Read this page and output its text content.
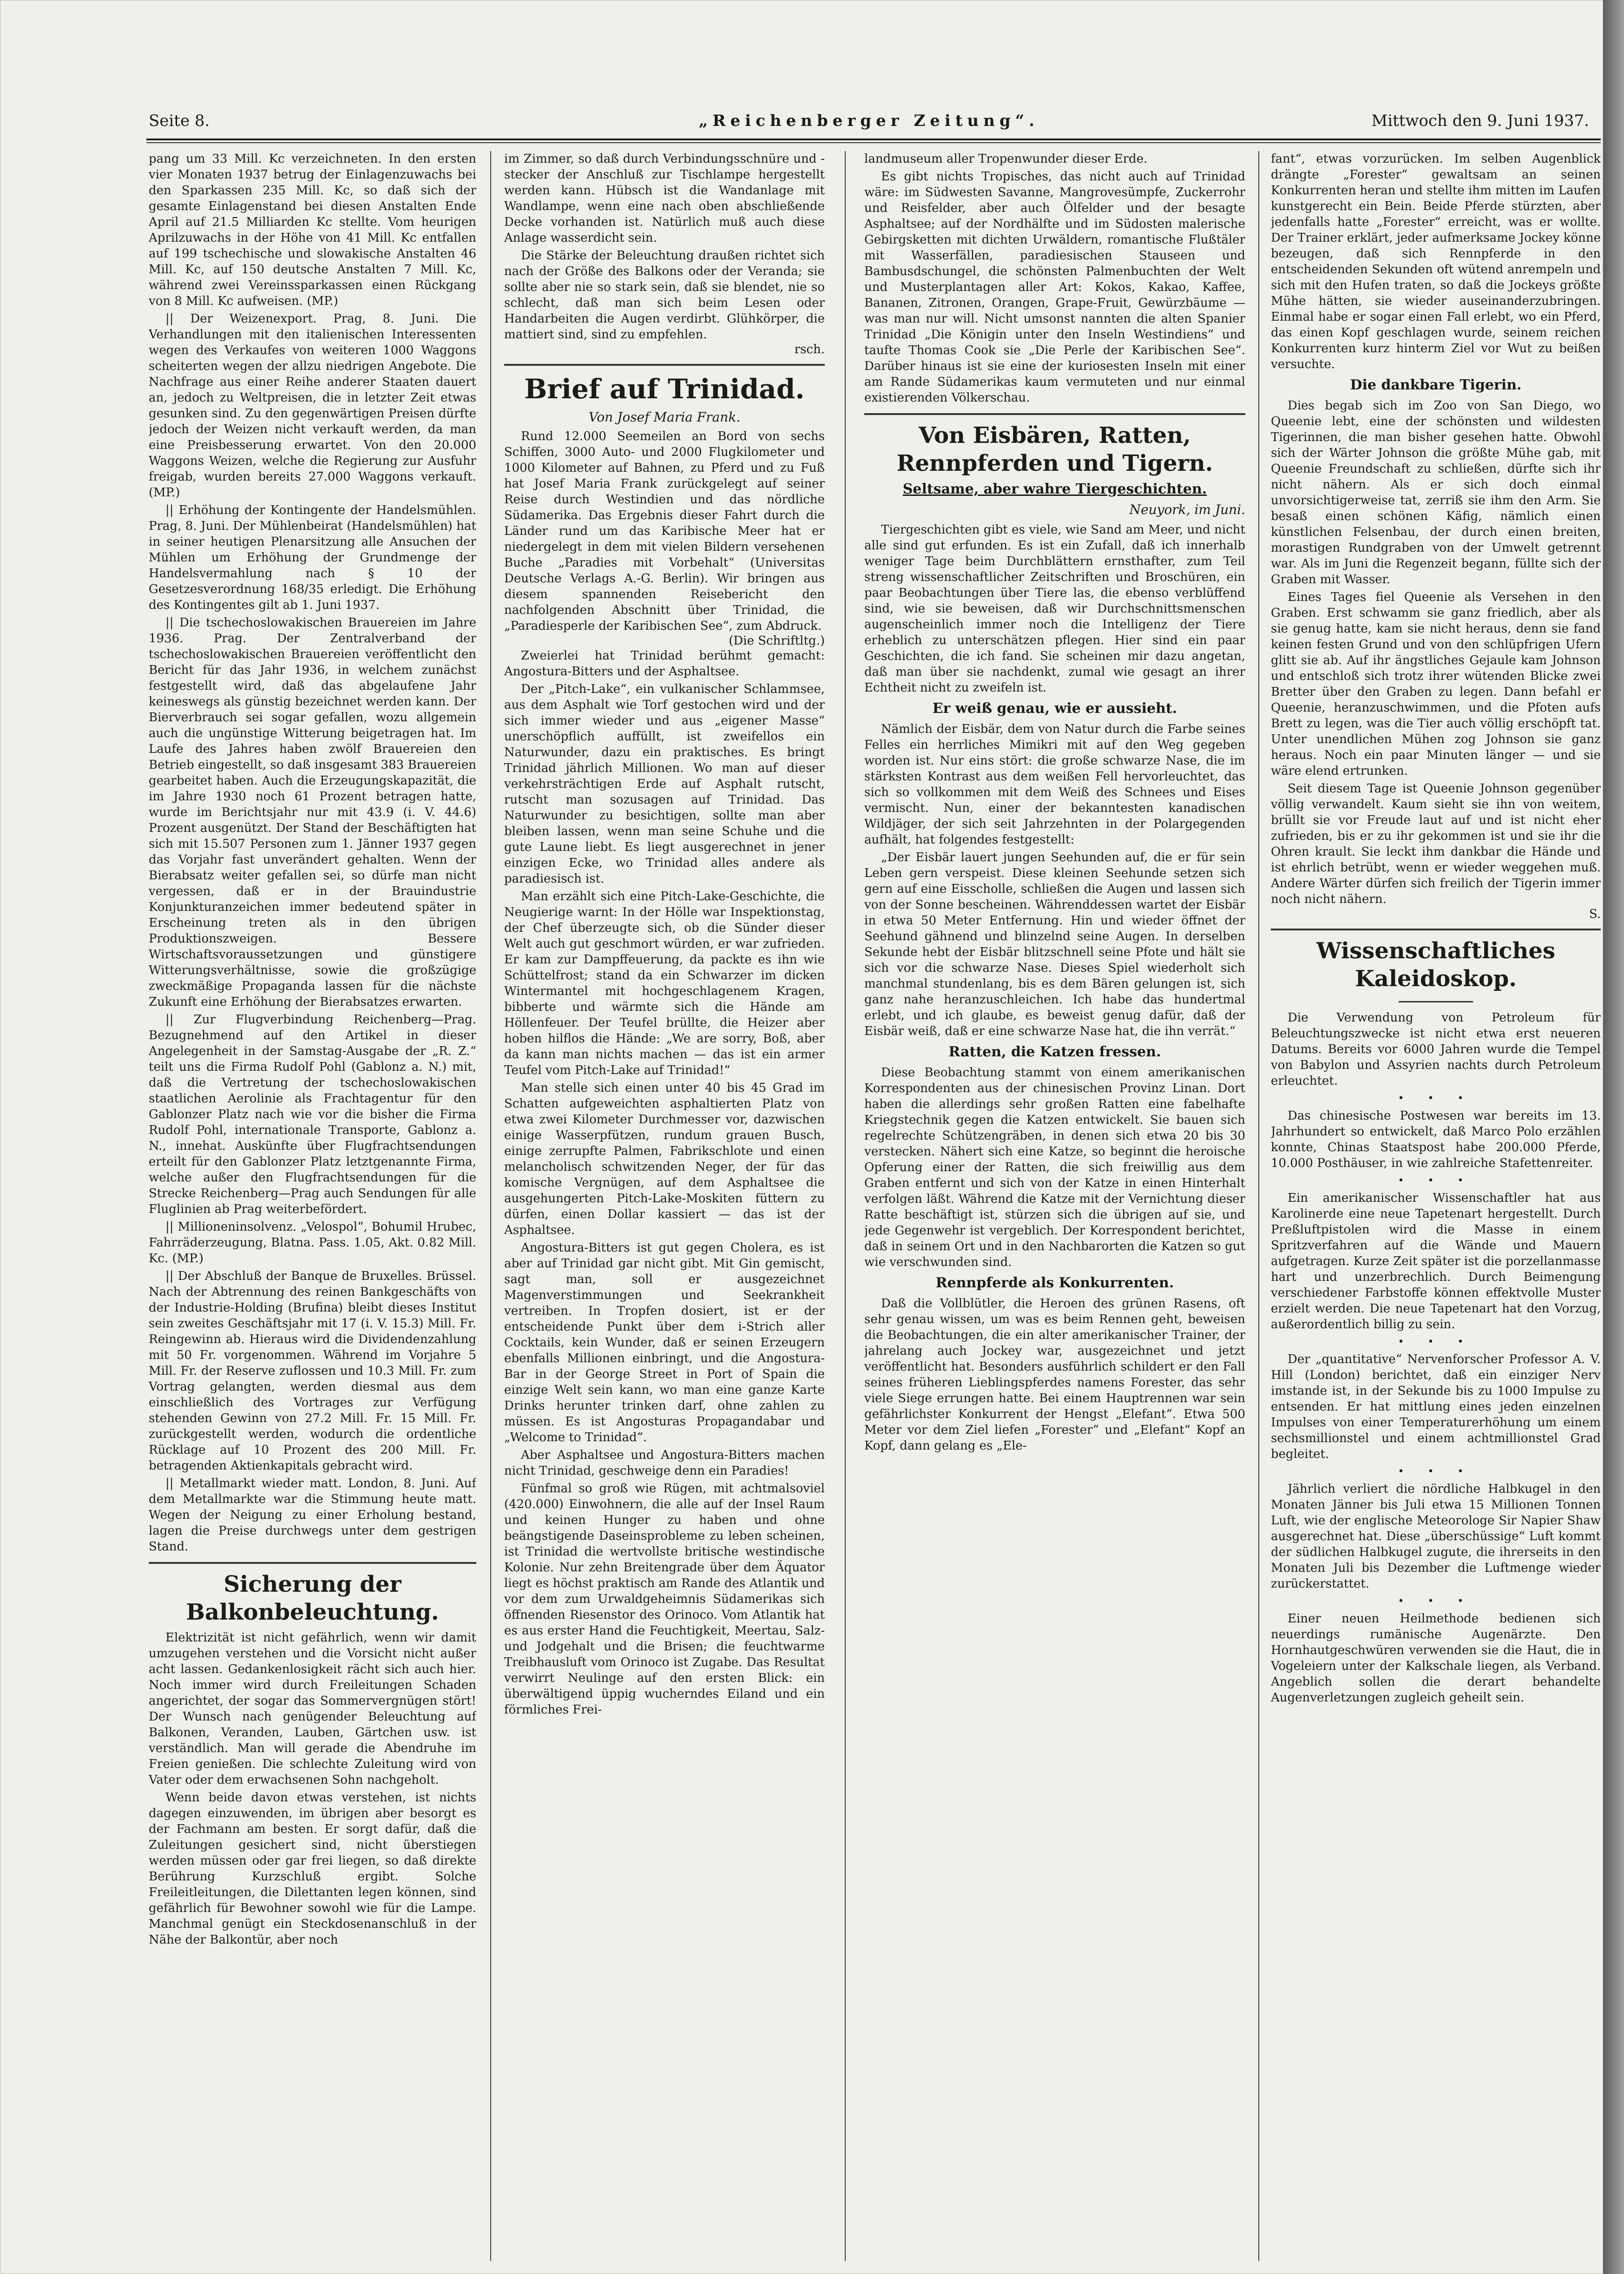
Seite 8.	„Reichenberger Zeitung“.	Mittwoch den 9. Juni 1937.

pang um 33 Mill. Kc verzeichneten. In den ersten vier Monaten 1937 betrug der Einlagenzuwachs bei den Sparkassen 235 Mill. Kc, so daß sich der gesamte Einlagenstand bei diesen Anstalten Ende April auf 21.5 Milliarden Kc stellte. Vom heurigen Aprilzuwachs in der Höhe von 41 Mill. Kc entfallen auf 199 tschechische und slowakische Anstalten 46 Mill. Kc, auf 150 deutsche Anstalten 7 Mill. Kc, während zwei Vereinssparkassen einen Rückgang von 8 Mill. Kc aufweisen. (MP.)

|| Der Weizenexport. Prag, 8. Juni. Die Verhandlungen mit den italienischen Interessenten wegen des Verkaufes von weiteren 1000 Waggons scheiterten wegen der allzu niedrigen Angebote. Die Nachfrage aus einer Reihe anderer Staaten dauert an, jedoch zu Weltpreisen, die in letzter Zeit etwas gesunken sind. Zu den gegenwärtigen Preisen dürfte jedoch der Weizen nicht verkauft werden, da man eine Preisbesserung erwartet. Von den 20.000 Waggons Weizen, welche die Regierung zur Ausfuhr freigab, wurden bereits 27.000 Waggons verkauft. (MP.)

|| Erhöhung der Kontingente der Handelsmühlen. Prag, 8. Juni. Der Mühlenbeirat (Handelsmühlen) hat in seiner heutigen Plenarsitzung alle Ansuchen der Mühlen um Erhöhung der Grundmenge der Handelsvermahlung nach § 10 der Gesetzesverordnung 168/35 erledigt. Die Erhöhung des Kontingentes gilt ab 1. Juni 1937.

|| Die tschechoslowakischen Brauereien im Jahre 1936. Prag. Der Zentralverband der tschechoslowakischen Brauereien veröffentlicht den Bericht für das Jahr 1936, in welchem zunächst festgestellt wird, daß das abgelaufene Jahr keineswegs als günstig bezeichnet werden kann. Der Bierverbrauch sei sogar gefallen, wozu allgemein auch die ungünstige Witterung beigetragen hat. Im Laufe des Jahres haben zwölf Brauereien den Betrieb eingestellt, so daß insgesamt 383 Brauereien gearbeitet haben. Auch die Erzeugungskapazität, die im Jahre 1930 noch 61 Prozent betragen hatte, wurde im Berichtsjahr nur mit 43.9 (i. V. 44.6) Prozent ausgenützt. Der Stand der Beschäftigten hat sich mit 15.507 Personen zum 1. Jänner 1937 gegen das Vorjahr fast unverändert gehalten. Wenn der Bierabsatz weiter gefallen sei, so dürfe man nicht vergessen, daß er in der Brauindustrie Konjunkturanzeichen immer bedeutend später in Erscheinung treten als in den übrigen Produktionszweigen. Bessere Wirtschaftsvoraussetzungen und günstigere Witterungsverhältnisse, sowie die großzügige zweckmäßige Propaganda lassen für die nächste Zukunft eine Erhöhung der Bierabsatzes erwarten.

|| Zur Flugverbindung Reichenberg—Prag. Bezugnehmend auf den Artikel in dieser Angelegenheit in der Samstag-Ausgabe der „R. Z.“ teilt uns die Firma Rudolf Pohl (Gablonz a. N.) mit, daß die Vertretung der tschechoslowakischen staatlichen Aerolinie als Frachtagentur für den Gablonzer Platz nach wie vor die bisher die Firma Rudolf Pohl, internationale Transporte, Gablonz a. N., innehat. Auskünfte über Flugfrachtsendungen erteilt für den Gablonzer Platz letztgenannte Firma, welche außer den Flugfrachtsendungen für die Strecke Reichenberg—Prag auch Sendungen für alle Fluglinien ab Prag weiterbefördert.

|| Millioneninsolvenz. „Velospol“, Bohumil Hrubec, Fahrräderzeugung, Blatna. Pass. 1.05, Akt. 0.82 Mill. Kc. (MP.)

|| Der Abschluß der Banque de Bruxelles. Brüssel. Nach der Abtrennung des reinen Bankgeschäfts von der Industrie-Holding (Brufina) bleibt dieses Institut sein zweites Geschäftsjahr mit 17 (i. V. 15.3) Mill. Fr. Reingewinn ab. Hieraus wird die Dividendenzahlung mit 50 Fr. vorgenommen. Während im Vorjahre 5 Mill. Fr. der Reserve zuflossen und 10.3 Mill. Fr. zum Vortrag gelangten, werden diesmal aus dem einschließlich des Vortrages zur Verfügung stehenden Gewinn von 27.2 Mill. Fr. 15 Mill. Fr. zurückgestellt werden, wodurch die ordentliche Rücklage auf 10 Prozent des 200 Mill. Fr. betragenden Aktienkapitals gebracht wird.

|| Metallmarkt wieder matt. London, 8. Juni. Auf dem Metallmarkte war die Stimmung heute matt. Wegen der Neigung zu einer Erholung bestand, lagen die Preise durchwegs unter dem gestrigen Stand.

Sicherung der Balkonbeleuchtung.

Elektrizität ist nicht gefährlich, wenn wir damit umzugehen verstehen und die Vorsicht nicht außer acht lassen. Gedankenlosigkeit rächt sich auch hier. Noch immer wird durch Freileitungen Schaden angerichtet, der sogar das Sommervergnügen stört! Der Wunsch nach genügender Beleuchtung auf Balkonen, Veranden, Lauben, Gärtchen usw. ist verständlich. Man will gerade die Abendruhe im Freien genießen. Die schlechte Zuleitung wird von Vater oder dem erwachsenen Sohn nachgeholt.

Wenn beide davon etwas verstehen, ist nichts dagegen einzuwenden, im übrigen aber besorgt es der Fachmann am besten. Er sorgt dafür, daß die Zuleitungen gesichert sind, nicht überstiegen werden müssen oder gar frei liegen, so daß direkte Berührung Kurzschluß ergibt. Solche Freileitleitungen, die Dilettanten legen können, sind gefährlich für Bewohner sowohl wie für die Lampe. Manchmal genügt ein Steckdosenanschluß in der Nähe der Balkontür, aber noch

im Zimmer, so daß durch Verbindungsschnüre und -stecker der Anschluß zur Tischlampe hergestellt werden kann. Hübsch ist die Wandanlage mit Wandlampe, wenn eine nach oben abschließende Decke vorhanden ist. Natürlich muß auch diese Anlage wasserdicht sein.

Die Stärke der Beleuchtung draußen richtet sich nach der Größe des Balkons oder der Veranda; sie sollte aber nie so stark sein, daß sie blendet, nie so schlecht, daß man sich beim Lesen oder Handarbeiten die Augen verdirbt. Glühkörper, die mattiert sind, sind zu empfehlen.

rsch.

Brief auf Trinidad.

Von Josef Maria Frank.

Rund 12.000 Seemeilen an Bord von sechs Schiffen, 3000 Auto- und 2000 Flugkilometer und 1000 Kilometer auf Bahnen, zu Pferd und zu Fuß hat Josef Maria Frank zurückgelegt auf seiner Reise durch Westindien und das nördliche Südamerika. Das Ergebnis dieser Fahrt durch die Länder rund um das Karibische Meer hat er niedergelegt in dem mit vielen Bildern versehenen Buche „Paradies mit Vorbehalt“ (Universitas Deutsche Verlags A.-G. Berlin). Wir bringen aus diesem spannenden Reisebericht den nachfolgenden Abschnitt über Trinidad, die „Paradiesperle der Karibischen See“, zum Abdruck.

(Die Schriftltg.)

Zweierlei hat Trinidad berühmt gemacht: Angostura-Bitters und der Asphaltsee.

Der „Pitch-Lake“, ein vulkanischer Schlammsee, aus dem Asphalt wie Torf gestochen wird und der sich immer wieder und aus „eigener Masse“ unerschöpflich auffüllt, ist zweifellos ein Naturwunder, dazu ein praktisches. Es bringt Trinidad jährlich Millionen. Wo man auf dieser verkehrsträchtigen Erde auf Asphalt rutscht, rutscht man sozusagen auf Trinidad. Das Naturwunder zu besichtigen, sollte man aber bleiben lassen, wenn man seine Schuhe und die gute Laune liebt. Es liegt ausgerechnet in jener einzigen Ecke, wo Trinidad alles andere als paradiesisch ist.

Man erzählt sich eine Pitch-Lake-Geschichte, die Neugierige warnt: In der Hölle war Inspektionstag, der Chef überzeugte sich, ob die Sünder dieser Welt auch gut geschmort würden, er war zufrieden. Er kam zur Dampffeuerung, da packte es ihn wie Schüttelfrost; stand da ein Schwarzer im dicken Wintermantel mit hochgeschlagenem Kragen, bibberte und wärmte sich die Hände am Höllenfeuer. Der Teufel brüllte, die Heizer aber hoben hilflos die Hände: „We are sorry, Boß, aber da kann man nichts machen — das ist ein armer Teufel vom Pitch-Lake auf Trinidad!“

Man stelle sich einen unter 40 bis 45 Grad im Schatten aufgeweichten asphaltierten Platz von etwa zwei Kilometer Durchmesser vor, dazwischen einige Wasserpfützen, rundum grauen Busch, einige zerrupfte Palmen, Fabrikschlote und einen melancholisch schwitzenden Neger, der für das komische Vergnügen, auf dem Asphaltsee die ausgehungerten Pitch-Lake-Moskiten füttern zu dürfen, einen Dollar kassiert — das ist der Asphaltsee.

Angostura-Bitters ist gut gegen Cholera, es ist aber auf Trinidad gar nicht gibt. Mit Gin gemischt, sagt man, soll er ausgezeichnet Magenverstimmungen und Seekrankheit vertreiben. In Tropfen dosiert, ist er der entscheidende Punkt über dem i-Strich aller Cocktails, kein Wunder, daß er seinen Erzeugern ebenfalls Millionen einbringt, und die Angostura-Bar in der George Street in Port of Spain die einzige Welt sein kann, wo man eine ganze Karte Drinks herunter trinken darf, ohne zahlen zu müssen. Es ist Angosturas Propagandabar und „Welcome to Trinidad“.

Aber Asphaltsee und Angostura-Bitters machen nicht Trinidad, geschweige denn ein Paradies!

Fünfmal so groß wie Rügen, mit achtmalsoviel (420.000) Einwohnern, die alle auf der Insel Raum und keinen Hunger zu haben und ohne beängstigende Daseinsprobleme zu leben scheinen, ist Trinidad die wertvollste britische westindische Kolonie. Nur zehn Breitengrade über dem Äquator liegt es höchst praktisch am Rande des Atlantik und vor dem zum Urwaldgeheimnis Südamerikas sich öffnenden Riesenstor des Orinoco. Vom Atlantik hat es aus erster Hand die Feuchtigkeit, Meertau, Salz- und Jodgehalt und die Brisen; die feuchtwarme Treibhausluft vom Orinoco ist Zugabe. Das Resultat verwirrt Neulinge auf den ersten Blick: ein überwältigend üppig wucherndes Eiland und ein förmliches Frei-

landmuseum aller Tropenwunder dieser Erde.

Es gibt nichts Tropisches, das nicht auch auf Trinidad wäre: im Südwesten Savanne, Mangrovesümpfe, Zuckerrohr und Reisfelder, aber auch Ölfelder und der besagte Asphaltsee; auf der Nordhälfte und im Südosten malerische Gebirgsketten mit dichten Urwäldern, romantische Flußtäler mit Wasserfällen, paradiesischen Stauseen und Bambusdschungel, die schönsten Palmenbuchten der Welt und Musterplantagen aller Art: Kokos, Kakao, Kaffee, Bananen, Zitronen, Orangen, Grape-Fruit, Gewürzbäume — was man nur will. Nicht umsonst nannten die alten Spanier Trinidad „Die Königin unter den Inseln Westindiens“ und taufte Thomas Cook sie „Die Perle der Karibischen See“. Darüber hinaus ist sie eine der kuriosesten Inseln mit einer am Rande Südamerikas kaum vermuteten und nur einmal existierenden Völkerschau.

Von Eisbären, Ratten, Rennpferden und Tigern.

Seltsame, aber wahre Tiergeschichten.

Neuyork, im Juni.

Tiergeschichten gibt es viele, wie Sand am Meer, und nicht alle sind gut erfunden. Es ist ein Zufall, daß ich innerhalb weniger Tage beim Durchblättern ernsthafter, zum Teil streng wissenschaftlicher Zeitschriften und Broschüren, ein paar Beobachtungen über Tiere las, die ebenso verblüffend sind, wie sie beweisen, daß wir Durchschnittsmenschen augenscheinlich immer noch die Intelligenz der Tiere erheblich zu unterschätzen pflegen. Hier sind ein paar Geschichten, die ich fand. Sie scheinen mir dazu angetan, daß man über sie nachdenkt, zumal wie gesagt an ihrer Echtheit nicht zu zweifeln ist.

Er weiß genau, wie er aussieht.

Nämlich der Eisbär, dem von Natur durch die Farbe seines Felles ein herrliches Mimikri mit auf den Weg gegeben worden ist. Nur eins stört: die große schwarze Nase, die im stärksten Kontrast aus dem weißen Fell hervorleuchtet, das sich so vollkommen mit dem Weiß des Schnees und Eises vermischt. Nun, einer der bekanntesten kanadischen Wildjäger, der sich seit Jahrzehnten in der Polargegenden aufhält, hat folgendes festgestellt:

„Der Eisbär lauert jungen Seehunden auf, die er für sein Leben gern verspeist. Diese kleinen Seehunde setzen sich gern auf eine Eisscholle, schließen die Augen und lassen sich von der Sonne bescheinen. Währenddessen wartet der Eisbär in etwa 50 Meter Entfernung. Hin und wieder öffnet der Seehund gähnend und blinzelnd seine Augen. In derselben Sekunde hebt der Eisbär blitzschnell seine Pfote und hält sie sich vor die schwarze Nase. Dieses Spiel wiederholt sich manchmal stundenlang, bis es dem Bären gelungen ist, sich ganz nahe heranzuschleichen. Ich habe das hundertmal erlebt, und ich glaube, es beweist genug dafür, daß der Eisbär weiß, daß er eine schwarze Nase hat, die ihn verrät.“

Ratten, die Katzen fressen.

Diese Beobachtung stammt von einem amerikanischen Korrespondenten aus der chinesischen Provinz Linan. Dort haben die allerdings sehr großen Ratten eine fabelhafte Kriegstechnik gegen die Katzen entwickelt. Sie bauen sich regelrechte Schützengräben, in denen sich etwa 20 bis 30 verstecken. Nähert sich eine Katze, so beginnt die heroische Opferung einer der Ratten, die sich freiwillig aus dem Graben entfernt und sich von der Katze in einen Hinterhalt verfolgen läßt. Während die Katze mit der Vernichtung dieser Ratte beschäftigt ist, stürzen sich die übrigen auf sie, und jede Gegenwehr ist vergeblich. Der Korrespondent berichtet, daß in seinem Ort und in den Nachbarorten die Katzen so gut wie verschwunden sind.

Rennpferde als Konkurrenten.

Daß die Vollblütler, die Heroen des grünen Rasens, oft sehr genau wissen, um was es beim Rennen geht, beweisen die Beobachtungen, die ein alter amerikanischer Trainer, der jahrelang auch Jockey war, ausgezeichnet und jetzt veröffentlicht hat. Besonders ausführlich schildert er den Fall seines früheren Lieblingspferdes namens Forester, das sehr viele Siege errungen hatte. Bei einem Hauptrennen war sein gefährlichster Konkurrent der Hengst „Elefant“. Etwa 500 Meter vor dem Ziel liefen „Forester“ und „Elefant“ Kopf an Kopf, dann gelang es „Ele-

fant“, etwas vorzurücken. Im selben Augenblick drängte „Forester“ gewaltsam an seinen Konkurrenten heran und stellte ihm mitten im Laufen kunstgerecht ein Bein. Beide Pferde stürzten, aber jedenfalls hatte „Forester“ erreicht, was er wollte. Der Trainer erklärt, jeder aufmerksame Jockey könne bezeugen, daß sich Rennpferde in den entscheidenden Sekunden oft wütend anrempeln und sich mit den Hufen traten, so daß die Jockeys größte Mühe hätten, sie wieder auseinanderzubringen. Einmal habe er sogar einen Fall erlebt, wo ein Pferd, das einen Kopf geschlagen wurde, seinem reichen Konkurrenten kurz hinterm Ziel vor Wut zu beißen versuchte.

Die dankbare Tigerin.

Dies begab sich im Zoo von San Diego, wo Queenie lebt, eine der schönsten und wildesten Tigerinnen, die man bisher gesehen hatte. Obwohl sich der Wärter Johnson die größte Mühe gab, mit Queenie Freundschaft zu schließen, dürfte sich ihr nicht nähern. Als er sich doch einmal unvorsichtigerweise tat, zerriß sie ihm den Arm. Sie besaß einen schönen Käfig, nämlich einen künstlichen Felsenbau, der durch einen breiten, morastigen Rundgraben von der Umwelt getrennt war. Als im Juni die Regenzeit begann, füllte sich der Graben mit Wasser.

Eines Tages fiel Queenie als Versehen in den Graben. Erst schwamm sie ganz friedlich, aber als sie genug hatte, kam sie nicht heraus, denn sie fand keinen festen Grund und von den schlüpfrigen Ufern glitt sie ab. Auf ihr ängstliches Gejaule kam Johnson und entschloß sich trotz ihrer wütenden Blicke zwei Bretter über den Graben zu legen. Dann befahl er Queenie, heranzuschwimmen, und die Pfoten aufs Brett zu legen, was die Tier auch völlig erschöpft tat. Unter unendlichen Mühen zog Johnson sie ganz heraus. Noch ein paar Minuten länger — und sie wäre elend ertrunken.

Seit diesem Tage ist Queenie Johnson gegenüber völlig verwandelt. Kaum sieht sie ihn von weitem, brüllt sie vor Freude laut auf und ist nicht eher zufrieden, bis er zu ihr gekommen ist und sie ihr die Ohren krault. Sie leckt ihm dankbar die Hände und ist ehrlich betrübt, wenn er wieder weggehen muß. Andere Wärter dürfen sich freilich der Tigerin immer noch nicht nähern.

S.

Wissenschaftliches Kaleidoskop.

Die Verwendung von Petroleum für Beleuchtungszwecke ist nicht etwa erst neueren Datums. Bereits vor 6000 Jahren wurde die Tempel von Babylon und Assyrien nachts durch Petroleum erleuchtet.

• • •

Das chinesische Postwesen war bereits im 13. Jahrhundert so entwickelt, daß Marco Polo erzählen konnte, Chinas Staatspost habe 200.000 Pferde, 10.000 Posthäuser, in wie zahlreiche Stafettenreiter.

• • •

Ein amerikanischer Wissenschaftler hat aus Karolinerde eine neue Tapetenart hergestellt. Durch Preßluftpistolen wird die Masse in einem Spritzverfahren auf die Wände und Mauern aufgetragen. Kurze Zeit später ist die porzellanmasse hart und unzerbrechlich. Durch Beimengung verschiedener Farbstoffe können effektvolle Muster erzielt werden. Die neue Tapetenart hat den Vorzug, außerordentlich billig zu sein.

• • •

Der „quantitative“ Nervenforscher Professor A. V. Hill (London) berichtet, daß ein einziger Nerv imstande ist, in der Sekunde bis zu 1000 Impulse zu entsenden. Er hat mittlung eines jeden einzelnen Impulses von einer Temperaturerhöhung um einem sechsmillionstel und einem achtmillionstel Grad begleitet.

• • •

Jährlich verliert die nördliche Halbkugel in den Monaten Jänner bis Juli etwa 15 Millionen Tonnen Luft, wie der englische Meteorologe Sir Napier Shaw ausgerechnet hat. Diese „überschüssige“ Luft kommt der südlichen Halbkugel zugute, die ihrerseits in den Monaten Juli bis Dezember die Luftmenge wieder zurückerstattet.

• • •

Einer neuen Heilmethode bedienen sich neuerdings rumänische Augenärzte. Den Hornhautgeschwüren verwenden sie die Haut, die in Vogeleiern unter der Kalkschale liegen, als Verband. Angeblich sollen die derart behandelte Augenverletzungen zugleich geheilt sein.
